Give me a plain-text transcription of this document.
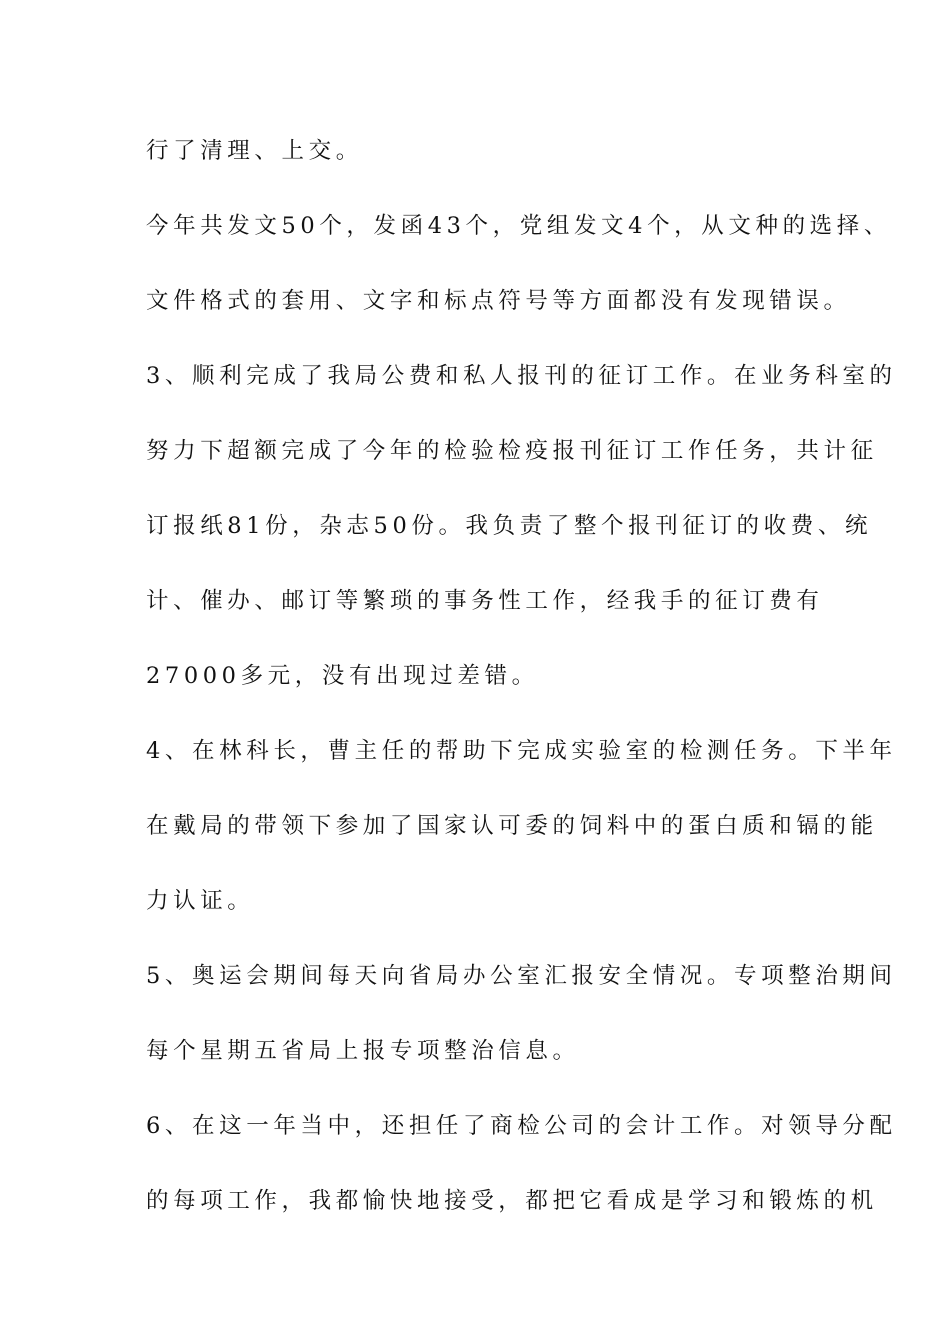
行了清理、上交。
今年共发文50个，发函43个，党组发文4个，从文种的选择、
文件格式的套用、文字和标点符号等方面都没有发现错误。
3、顺利完成了我局公费和私人报刊的征订工作。在业务科室的
努力下超额完成了今年的检验检疫报刊征订工作任务，共计征
订报纸81份，杂志50份。我负责了整个报刊征订的收费、统
计、催办、邮订等繁琐的事务性工作，经我手的征订费有
27000多元，没有出现过差错。
4、在林科长，曹主任的帮助下完成实验室的检测任务。下半年
在戴局的带领下参加了国家认可委的饲料中的蛋白质和镉的能
力认证。
5、奥运会期间每天向省局办公室汇报安全情况。专项整治期间
每个星期五省局上报专项整治信息。
6、在这一年当中，还担任了商检公司的会计工作。对领导分配
的每项工作，我都愉快地接受，都把它看成是学习和锻炼的机
